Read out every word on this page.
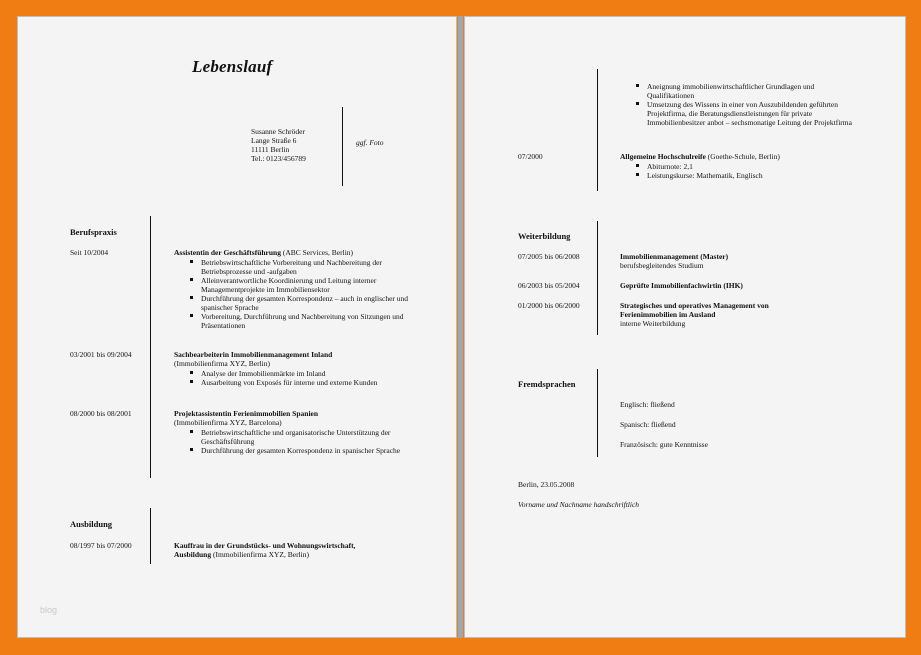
Lebenslauf
Susanne Schröder
Lange Straße 6
11111 Berlin
Tel.: 0123/456789
ggf. Foto
Berufspraxis
Seit 10/2004	Assistentin der Geschäftsführung (ABC Services, Berlin)
Betriebswirtschaftliche Vorbereitung und Nachbereitung der Betriebsprozesse und -aufgaben
Alleinverantwortliche Koordinierung und Leitung interner Managementprojekte im Immobiliensektor
Durchführung der gesamten Korrespondenz – auch in englischer und spanischer Sprache
Vorbereitung, Durchführung und Nachbereitung von Sitzungen und Präsentationen
03/2001 bis 09/2004	Sachbearbeiterin Immobilienmanagement Inland
(Immobilienfirma XYZ, Berlin)
Analyse der Immobilienmärkte im Inland
Ausarbeitung von Exposés für interne und externe Kunden
08/2000 bis 08/2001	Projektassistentin Ferienimmobilien Spanien
(Immobilienfirma XYZ, Barcelona)
Betriebswirtschaftliche und organisatorische Unterstützung der Geschäftsführung
Durchführung der gesamten Korrespondenz in spanischer Sprache
Ausbildung
08/1997 bis 07/2000	Kauffrau in der Grundstücks- und Wohnungswirtschaft,
Ausbildung (Immobilienfirma XYZ, Berlin)
blog
Aneignung immobilienwirtschaftlicher Grundlagen und Qualifikationen
Umsetzung des Wissens in einer von Auszubildenden geführten Projektfirma, die Beratungsdienstleistungen für private Immobilienbesitzer anbot – sechsmonatige Leitung der Projektfirma
07/2000	Allgemeine Hochschulreife (Goethe-Schule, Berlin)
Abiturnote: 2,1
Leistungskurse: Mathematik, Englisch
Weiterbildung
07/2005 bis 06/2008	Immobilienmanagement (Master)
berufsbegleitendes Studium
06/2003 bis 05/2004	Geprüfte Immobilienfachwirtin (IHK)
01/2000 bis 06/2000	Strategisches und operatives Management von Ferienimmobilien im Ausland
interne Weiterbildung
Fremdsprachen
Englisch: fließend
Spanisch: fließend
Französisch: gute Kenntnisse
Berlin, 23.05.2008
Vorname und Nachname handschriftlich
